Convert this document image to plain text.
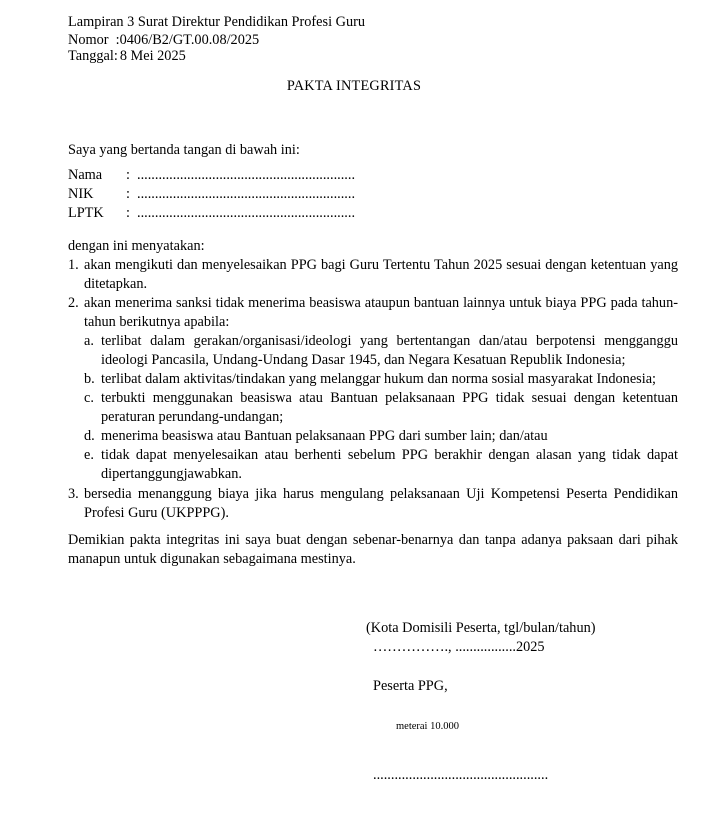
Lampiran 3 Surat Direktur Pendidikan Profesi Guru
Nomor  : 0406/B2/GT.00.08/2025
Tanggal: 8 Mei 2025
PAKTA INTEGRITAS
Saya yang bertanda tangan di bawah ini:
Nama	: .............................................................
NIK	: .............................................................
LPTK	: .............................................................
dengan ini menyatakan:
1. akan mengikuti dan menyelesaikan PPG bagi Guru Tertentu Tahun 2025 sesuai dengan ketentuan yang
ditetapkan.
2. akan menerima sanksi tidak menerima beasiswa ataupun bantuan lainnya untuk biaya PPG pada tahun-
tahun berikutnya apabila:
a. terlibat dalam gerakan/organisasi/ideologi yang bertentangan dan/atau berpotensi mengganggu
ideologi Pancasila, Undang-Undang Dasar 1945, dan Negara Kesatuan Republik Indonesia;
b. terlibat dalam aktivitas/tindakan yang melanggar hukum dan norma sosial masyarakat Indonesia;
c. terbukti menggunakan beasiswa atau Bantuan pelaksanaan PPG tidak sesuai dengan ketentuan
peraturan perundang-undangan;
d. menerima beasiswa atau Bantuan pelaksanaan PPG dari sumber lain; dan/atau
e. tidak dapat menyelesaikan atau berhenti sebelum PPG berakhir dengan alasan yang tidak dapat
dipertanggungjawabkan.
3. bersedia menanggung biaya jika harus mengulang pelaksanaan Uji Kompetensi Peserta Pendidikan
Profesi Guru (UKPPPG).
Demikian pakta integritas ini saya buat dengan sebenar-benarnya dan tanpa adanya paksaan dari pihak
manapun untuk digunakan sebagaimana mestinya.
(Kota Domisili Peserta, tgl/bulan/tahun)
……………., .................2025
Peserta PPG,
meterai 10.000
.................................................
